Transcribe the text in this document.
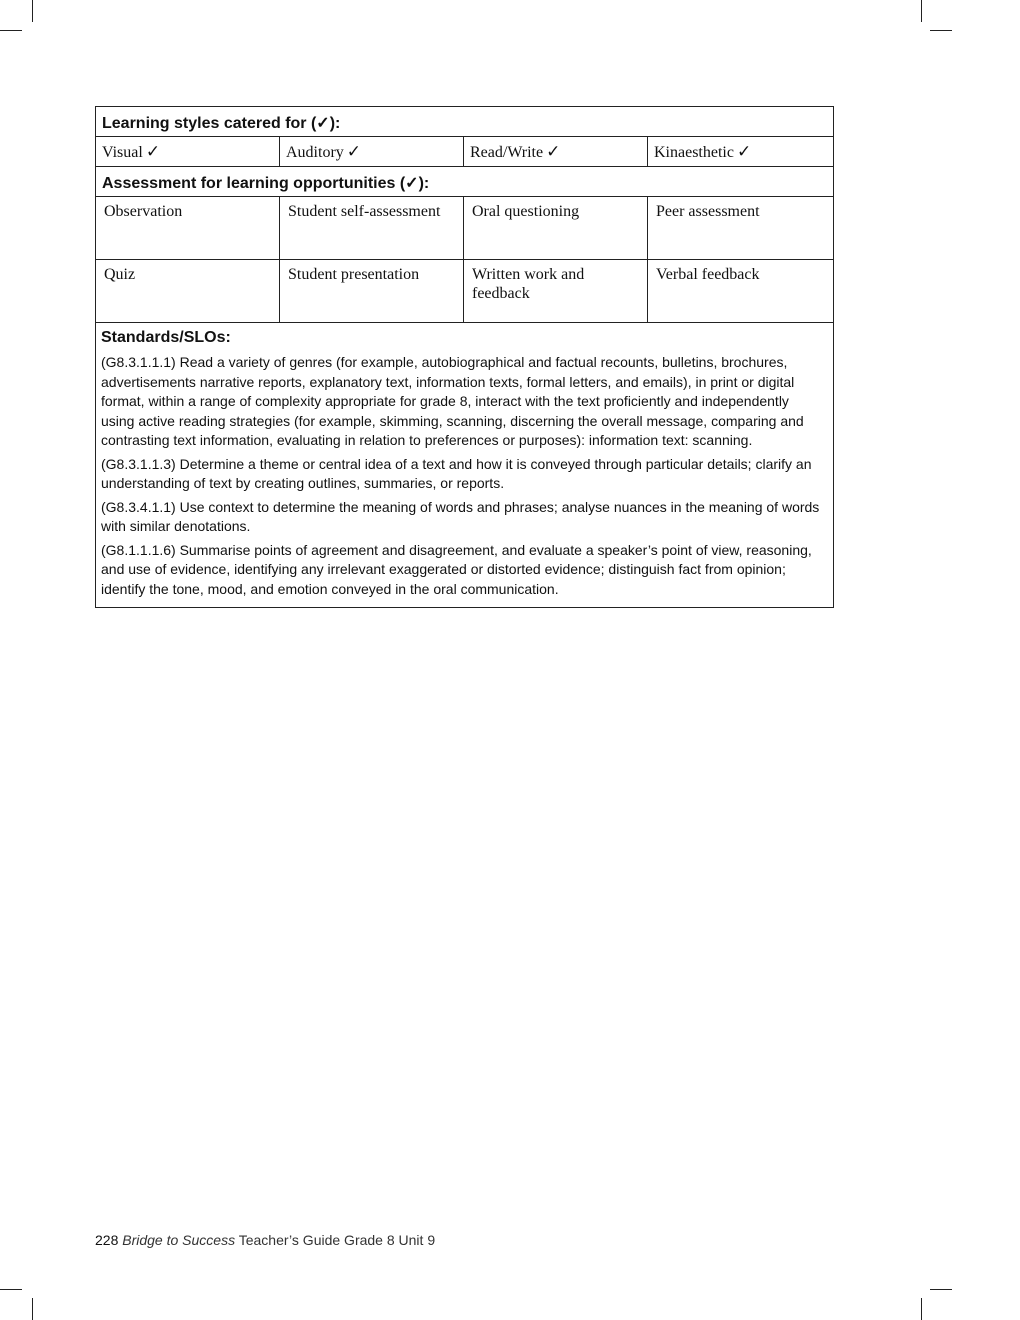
Learning styles catered for (✓):			
Visual ✓	Auditory ✓	Read/Write ✓	Kinaesthetic ✓
Assessment for learning opportunities (✓):			
Observation	Student self-assessment	Oral questioning	Peer assessment
Quiz	Student presentation	Written work and feedback	Verbal feedback

Standards/SLOs:

(G8.3.1.1.1) Read a variety of genres (for example, autobiographical and factual recounts, bulletins, brochures, advertisements narrative reports, explanatory text, information texts, formal letters, and emails), in print or digital format, within a range of complexity appropriate for grade 8, interact with the text proficiently and independently using active reading strategies (for example, skimming, scanning, discerning the overall message, comparing and contrasting text information, evaluating in relation to preferences or purposes): information text: scanning.

(G8.3.1.1.3) Determine a theme or central idea of a text and how it is conveyed through particular details; clarify an understanding of text by creating outlines, summaries, or reports.

(G8.3.4.1.1) Use context to determine the meaning of words and phrases; analyse nuances in the meaning of words with similar denotations.

(G8.1.1.1.6) Summarise points of agreement and disagreement, and evaluate a speaker’s point of view, reasoning, and use of evidence, identifying any irrelevant exaggerated or distorted evidence; distinguish fact from opinion; identify the tone, mood, and emotion conveyed in the oral communication.			

228 Bridge to Success Teacher’s Guide Grade 8 Unit 9
